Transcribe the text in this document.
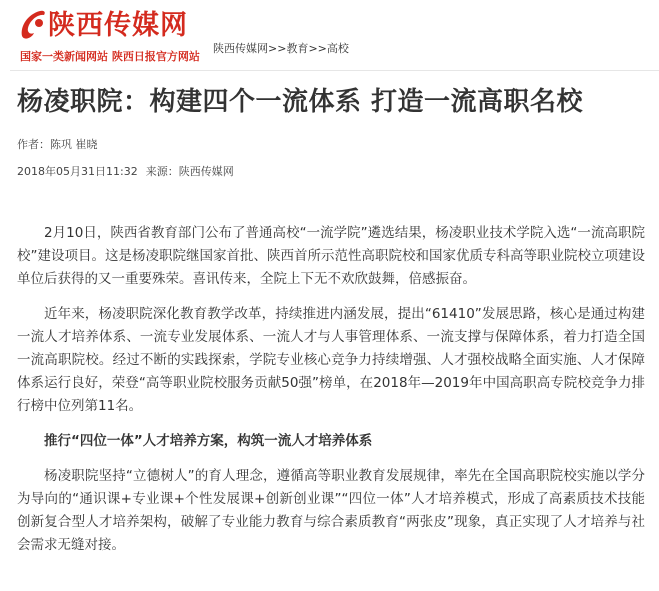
陕西传媒网
国家一类新闻网站 陕西日报官方网站
陕西传媒网>>教育>>高校
杨凌职院：构建四个一流体系 打造一流高职名校
作者：陈巩 崔晓
2018年05月31日11:32 来源：陕西传媒网

2月10日，陕西省教育部门公布了普通高校“一流学院”遴选结果，杨凌职业技术学院入选“一流高职院校”建设项目。这是杨凌职院继国家首批、陕西首所示范性高职院校和国家优质专科高等职业院校立项建设单位后获得的又一重要殊荣。喜讯传来，全院上下无不欢欣鼓舞，倍感振奋。

近年来，杨凌职院深化教育教学改革，持续推进内涵发展，提出“61410”发展思路，核心是通过构建一流人才培养体系、一流专业发展体系、一流人才与人事管理体系、一流支撑与保障体系，着力打造全国一流高职院校。经过不断的实践探索，学院专业核心竞争力持续增强、人才强校战略全面实施、人才保障体系运行良好，荣登“高等职业院校服务贡献50强”榜单，在2018年—2019年中国高职高专院校竞争力排行榜中位列第11名。

推行“四位一体”人才培养方案，构筑一流人才培养体系

杨凌职院坚持“立德树人”的育人理念，遵循高等职业教育发展规律，率先在全国高职院校实施以学分为导向的“通识课+专业课+个性发展课+创新创业课”“四位一体”人才培养模式，形成了高素质技术技能创新复合型人才培养架构，破解了专业能力教育与综合素质教育“两张皮”现象，真正实现了人才培养与社会需求无缝对接。
